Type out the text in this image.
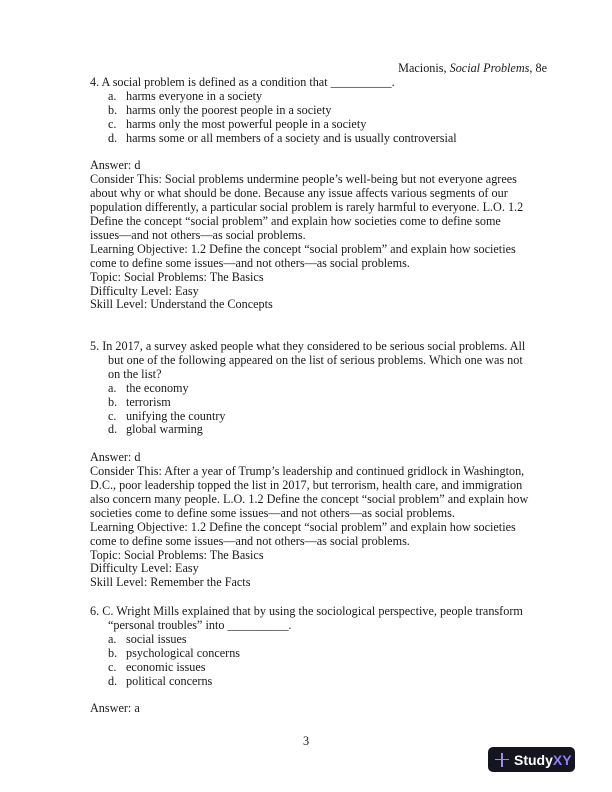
Macionis, Social Problems, 8e
4. A social problem is defined as a condition that __________.
a. harms everyone in a society
b. harms only the poorest people in a society
c. harms only the most powerful people in a society
d. harms some or all members of a society and is usually controversial
Answer: d
Consider This: Social problems undermine people’s well-being but not everyone agrees
about why or what should be done. Because any issue affects various segments of our
population differently, a particular social problem is rarely harmful to everyone. L.O. 1.2
Define the concept “social problem” and explain how societies come to define some
issues—and not others—as social problems.
Learning Objective: 1.2 Define the concept “social problem” and explain how societies
come to define some issues—and not others—as social problems.
Topic: Social Problems: The Basics
Difficulty Level: Easy
Skill Level: Understand the Concepts
5. In 2017, a survey asked people what they considered to be serious social problems. All
but one of the following appeared on the list of serious problems. Which one was not
on the list?
a. the economy
b. terrorism
c. unifying the country
d. global warming
Answer: d
Consider This: After a year of Trump’s leadership and continued gridlock in Washington,
D.C., poor leadership topped the list in 2017, but terrorism, health care, and immigration
also concern many people. L.O. 1.2 Define the concept “social problem” and explain how
societies come to define some issues—and not others—as social problems.
Learning Objective: 1.2 Define the concept “social problem” and explain how societies
come to define some issues—and not others—as social problems.
Topic: Social Problems: The Basics
Difficulty Level: Easy
Skill Level: Remember the Facts
6. C. Wright Mills explained that by using the sociological perspective, people transform
“personal troubles” into __________.
a. social issues
b. psychological concerns
c. economic issues
d. political concerns
Answer: a
3
StudyXY
